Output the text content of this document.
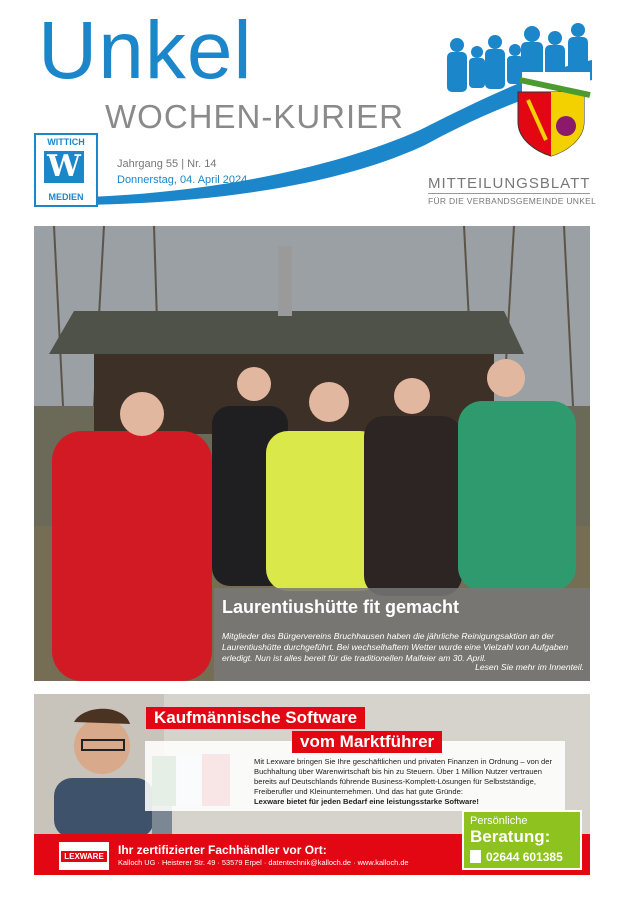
Unkel
WOCHEN-KURIER
WITTICH
W
MEDIEN
Jahrgang 55 | Nr. 14
Donnerstag, 04. April 2024	MITTEILUNGSBLATT
FÜR DIE VERBANDSGEMEINDE UNKEL
Laurentiushütte fit gemacht
Mitglieder des Bürgervereins Bruchhausen haben die jährliche Reinigungsaktion an der Laurentiushütte durchgeführt. Bei wechselhaftem Wetter wurde eine Vielzahl von Aufgaben erledigt. Nun ist alles bereit für die traditionellen Maifeier am 30. April.
Lesen Sie mehr im Innenteil.
Kaufmännische Software
vom Marktführer
Mit Lexware bringen Sie Ihre geschäftlichen und privaten Finanzen in Ordnung – von der Buchhaltung über Warenwirtschaft bis hin zu Steuern. Über 1 Million Nutzer vertrauen bereits auf Deutschlands führende Business-Komplett-Lösungen für Selbstständige, Freiberufler und Kleinunternehmen. Und das hat gute Gründe:
Lexware bietet für jeden Bedarf eine leistungsstarke Software!
LEXWARE Ihr zertifizierter Fachhändler vor Ort:
Kalloch UG · Heisterer Str. 49 · 53579 Erpel · datentechnik@kalloch.de · www.kalloch.de
Persönliche
Beratung:
02644 601385
